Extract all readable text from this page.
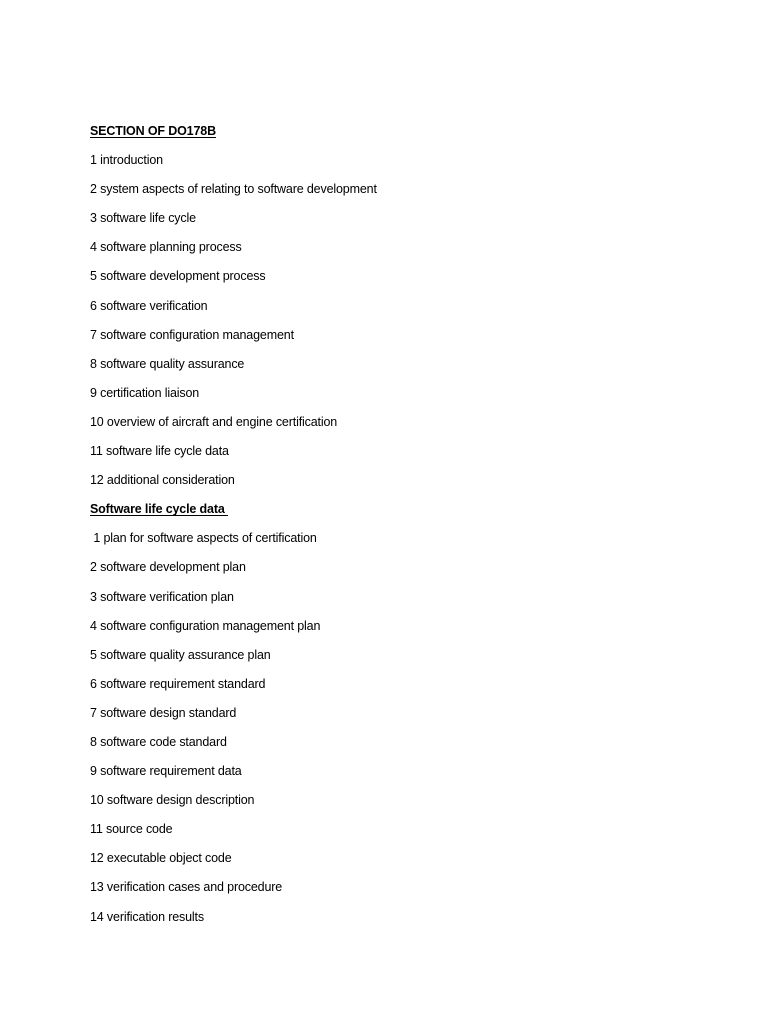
SECTION OF DO178B
1 introduction
2 system aspects of relating to software development
3 software life cycle
4 software planning process
5 software development process
6 software verification
7 software configuration management
8 software quality assurance
9 certification liaison
10 overview of aircraft and engine certification
11 software life cycle data
12 additional consideration
Software life cycle data
1 plan for software aspects of certification
2 software development plan
3 software verification plan
4 software configuration management plan
5 software quality assurance plan
6 software requirement standard
7 software design standard
8 software code standard
9 software requirement data
10 software design description
11 source code
12 executable object code
13 verification cases and procedure
14 verification results
